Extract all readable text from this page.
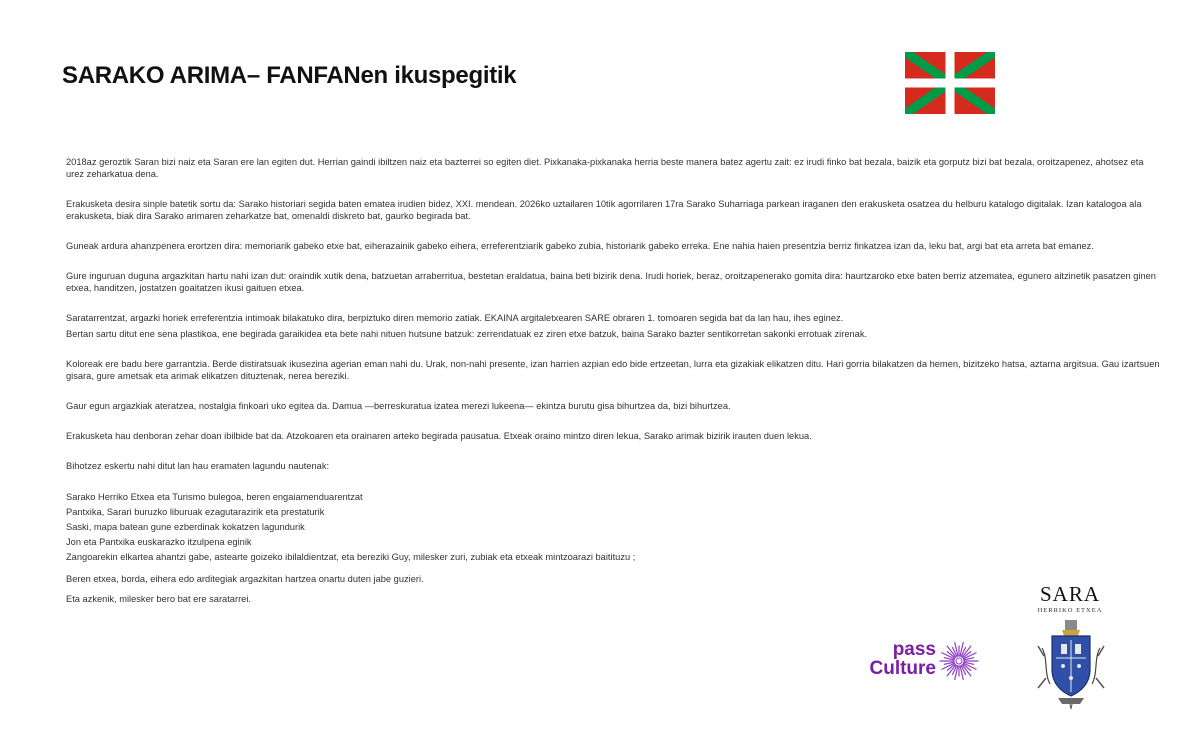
SARAKO ARIMA– FANFANen ikuspegitik

2018az geroztik Saran bizi naiz eta Saran ere lan egiten dut. Herrian gaindi ibiltzen naiz eta bazterrei so egiten diet. Pixkanaka-pixkanaka herria beste manera batez agertu zait: ez irudi finko bat bezala, baizik eta gorputz bizi bat bezala, oroitzapenez, ahotsez eta urez zeharkatua dena.

Erakusketa desira sinple batetik sortu da: Sarako historiari segida baten ematea irudien bidez, XXI. mendean. 2026ko uztailaren 10tik agorrilaren 17ra Sarako Suharriaga parkean iraganen den erakusketa osatzea du helburu katalogo digitalak. Izan katalogoa ala erakusketa, biak dira Sarako arimaren zeharkatze bat, omenaldi diskreto bat, gaurko begirada bat.

Guneak ardura ahanzpenera erortzen dira: memoriarik gabeko etxe bat, eiherazainik gabeko eihera, erreferentziarik gabeko zubia, historiarik gabeko erreka. Ene nahia haien presentzia berriz finkatzea izan da, leku bat, argi bat eta arreta bat emanez.

Gure inguruan duguna argazkitan hartu nahi izan dut: oraindik xutik dena, batzuetan arraberritua, bestetan eraldatua, baina beti bizirik dena. Irudi horiek, beraz, oroitzapenerako gomita dira: haurtzaroko etxe baten berriz atzematea, egunero aitzinetik pasatzen ginen etxea, handitzen, jostatzen goaitatzen ikusi gaituen etxea.

Saratarrentzat, argazki horiek erreferentzia intimoak bilakatuko dira, berpiztuko diren memorio zatiak. EKAINA argitaletxearen SARE obraren 1. tomoaren segida bat da lan hau, ihes eginez.

Bertan sartu ditut ene sena plastikoa, ene begirada garaikidea eta bete nahi nituen hutsune batzuk: zerrendatuak ez ziren etxe batzuk, baina Sarako bazter sentikorretan sakonki errotuak zirenak.

Koloreak ere badu bere garrantzia. Berde distiratsuak ikusezina agerian eman nahi du. Urak, non-nahi presente, izan harrien azpian edo bide ertzeetan, lurra eta gizakiak elikatzen ditu. Hari gorria bilakatzen da hemen, bizitzeko hatsa, aztarna argitsua. Gau izartsuen gisara, gure ametsak eta arimak elikatzen dituztenak, nerea bereziki.

Gaur egun argazkiak ateratzea, nostalgia finkoari uko egitea da. Damua —berreskuratua izatea merezi lukeena— ekintza burutu gisa bihurtzea da, bizi bihurtzea.

Erakusketa hau denboran zehar doan ibilbide bat da. Atzokoaren eta orainaren arteko begirada pausatua. Etxeak oraino mintzo diren lekua, Sarako arimak bizirik irauten duen lekua.

Bihotzez eskertu nahi ditut lan hau eramaten lagundu nautenak:

Sarako Herriko Etxea eta Turismo bulegoa, beren engaiamenduarentzat
Pantxika, Sarari buruzko liburuak ezagutarazirik eta prestaturik
Saski, mapa batean gune ezberdinak kokatzen lagundurik
Jon eta Pantxika euskarazko itzulpena eginik
Zangoarekin elkartea ahantzi gabe, astearte goizeko ibilaldientzat, eta bereziki Guy, milesker zuri, zubiak eta etxeak mintzoarazi baitituzu ;

Beren etxea, borda, eihera edo arditegiak argazkitan hartzea onartu duten jabe guzieri.

Eta azkenik, milesker bero bat ere saratarrei.

pass
Culture
SARA
HERRIKO ETXEA
